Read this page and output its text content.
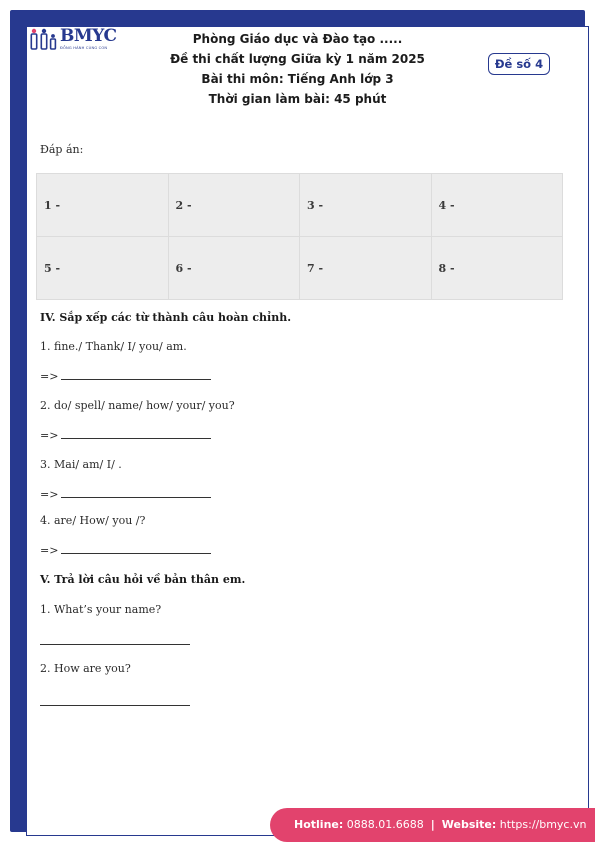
BMYC
ĐỒNG HÀNH CÙNG CON
Phòng Giáo dục và Đào tạo .....
Đề thi chất lượng Giữa kỳ 1 năm 2025
Bài thi môn: Tiếng Anh lớp 3
Thời gian làm bài: 45 phút
Đề số 4
Đáp án:
1 -	2 -	3 -	4 -
5 -	6 -	7 -	8 -
IV. Sắp xếp các từ thành câu hoàn chỉnh.
1. fine./ Thank/ I/ you/ am.
=>
2. do/ spell/ name/ how/ your/ you?
=>
3. Mai/ am/ I/ .
=>
4. are/ How/ you /?
=>
V. Trả lời câu hỏi về bản thân em.
1. What’s your name?
2. How are you?
Hotline: 0888.01.6688 | Website: https://bmyc.vn
